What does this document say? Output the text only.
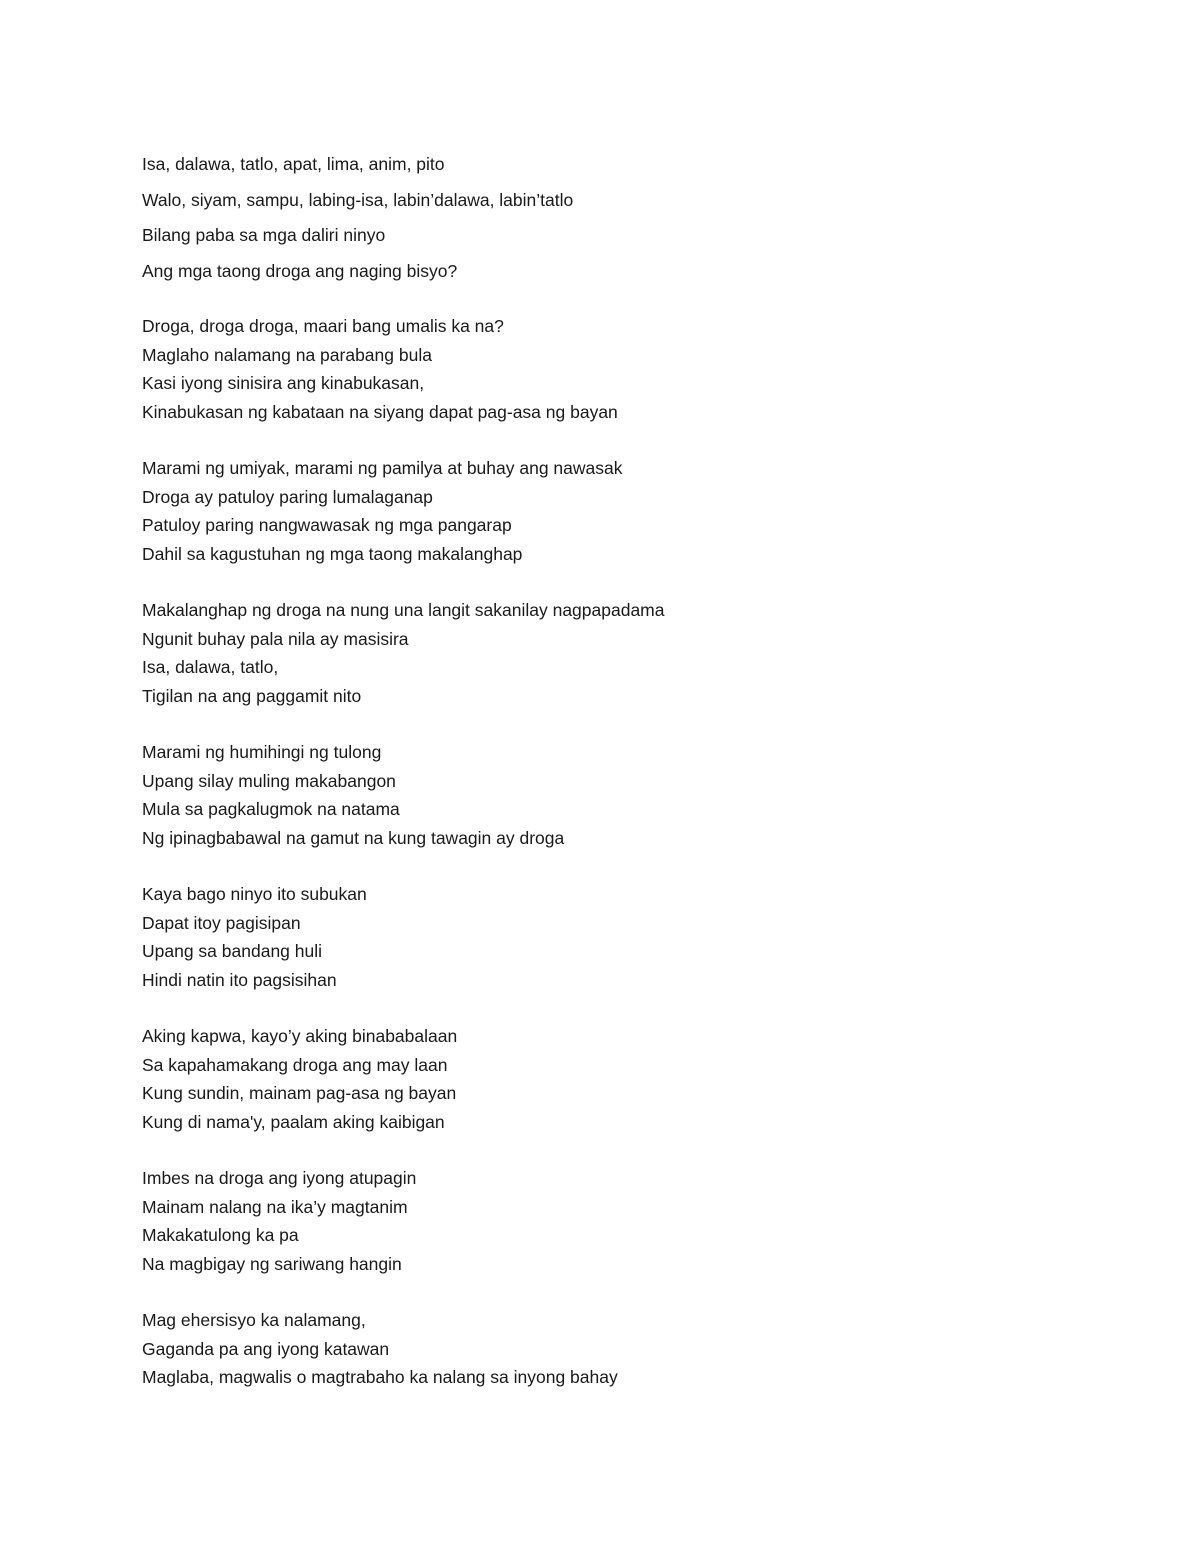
Isa, dalawa, tatlo, apat, lima, anim, pito
Walo, siyam, sampu, labing-isa, labin’dalawa, labin’tatlo
Bilang paba sa mga daliri ninyo
Ang mga taong droga ang naging bisyo?
Droga, droga droga, maari bang umalis ka na?
Maglaho nalamang na parabang bula
Kasi iyong sinisira ang kinabukasan,
Kinabukasan ng kabataan na siyang dapat pag-asa ng bayan
Marami ng umiyak, marami ng pamilya at buhay ang nawasak
Droga ay patuloy paring lumalaganap
Patuloy paring nangwawasak ng mga pangarap
Dahil sa kagustuhan ng mga taong makalanghap
Makalanghap ng droga na nung una langit sakanilay nagpapadama
Ngunit buhay pala nila ay masisira
Isa, dalawa, tatlo,
Tigilan na ang paggamit nito
Marami ng humihingi ng tulong
Upang silay muling makabangon
Mula sa pagkalugmok na natama
Ng ipinagbabawal na gamut na kung tawagin ay droga
Kaya bago ninyo ito subukan
Dapat itoy pagisipan
Upang sa bandang huli
Hindi natin ito pagsisihan
Aking kapwa, kayo’y aking binababalaan
Sa kapahamakang droga ang may laan
Kung sundin, mainam pag-asa ng bayan
Kung di nama'y, paalam aking kaibigan
Imbes na droga ang iyong atupagin
Mainam nalang na ika’y magtanim
Makakatulong ka pa
Na magbigay ng sariwang hangin
Mag ehersisyo ka nalamang,
Gaganda pa ang iyong katawan
Maglaba, magwalis o magtrabaho ka nalang sa inyong bahay
